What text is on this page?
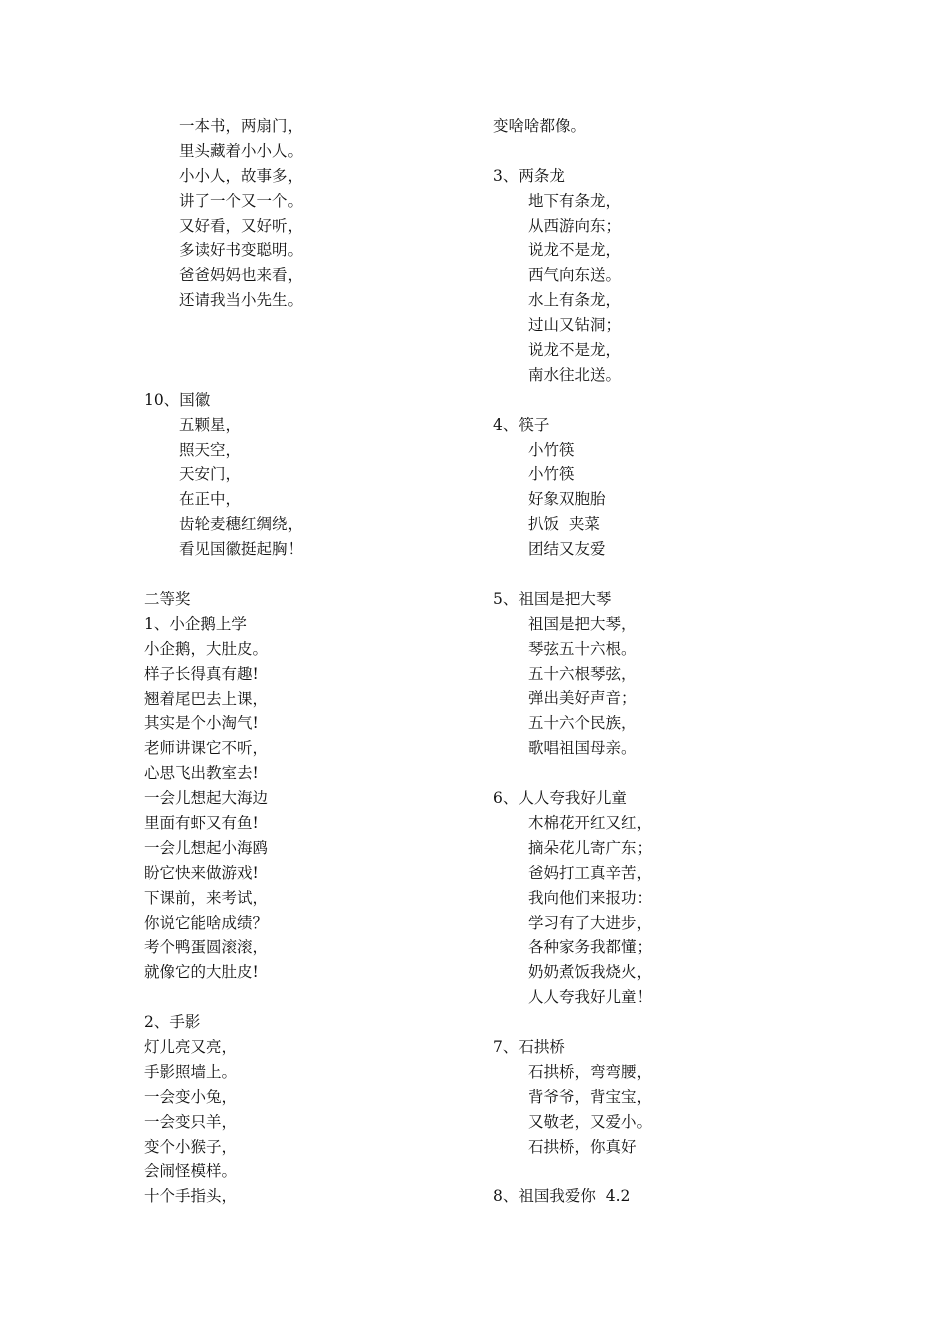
一本书，两扇门，
里头藏着小小人。
小小人，故事多，
讲了一个又一个。
又好看，又好听，
多读好书变聪明。
爸爸妈妈也来看，
还请我当小先生。
10、国徽
五颗星，
照天空，
天安门，
在正中，
齿轮麦穗红绸绕，
看见国徽挺起胸！
二等奖
1、小企鹅上学
小企鹅，大肚皮。
样子长得真有趣!
翘着尾巴去上课，
其实是个小淘气!
老师讲课它不听，
心思飞出教室去!
一会儿想起大海边
里面有虾又有鱼!
一会儿想起小海鸥
盼它快来做游戏!
下课前，来考试，
你说它能啥成绩？
考个鸭蛋圆滚滚，
就像它的大肚皮!
2、手影
灯儿亮又亮，
手影照墙上。
一会变小兔，
一会变只羊，
变个小猴子，
会闹怪模样。
十个手指头，
变啥啥都像。
3、两条龙
地下有条龙，
从西游向东；
说龙不是龙，
西气向东送。
水上有条龙，
过山又钻洞；
说龙不是龙，
南水往北送。
4、筷子
小竹筷
小竹筷
好象双胞胎
扒饭  夹菜
团结又友爱
5、祖国是把大琴
祖国是把大琴，
琴弦五十六根。
五十六根琴弦，
弹出美好声音；
五十六个民族，
歌唱祖国母亲。
6、人人夸我好儿童
木棉花开红又红，
摘朵花儿寄广东；
爸妈打工真辛苦，
我向他们来报功：
学习有了大进步，
各种家务我都懂；
奶奶煮饭我烧火，
人人夸我好儿童！
7、石拱桥
石拱桥，弯弯腰，
背爷爷，背宝宝，
又敬老，又爱小。
石拱桥，你真好
8、祖国我爱你  4.2
